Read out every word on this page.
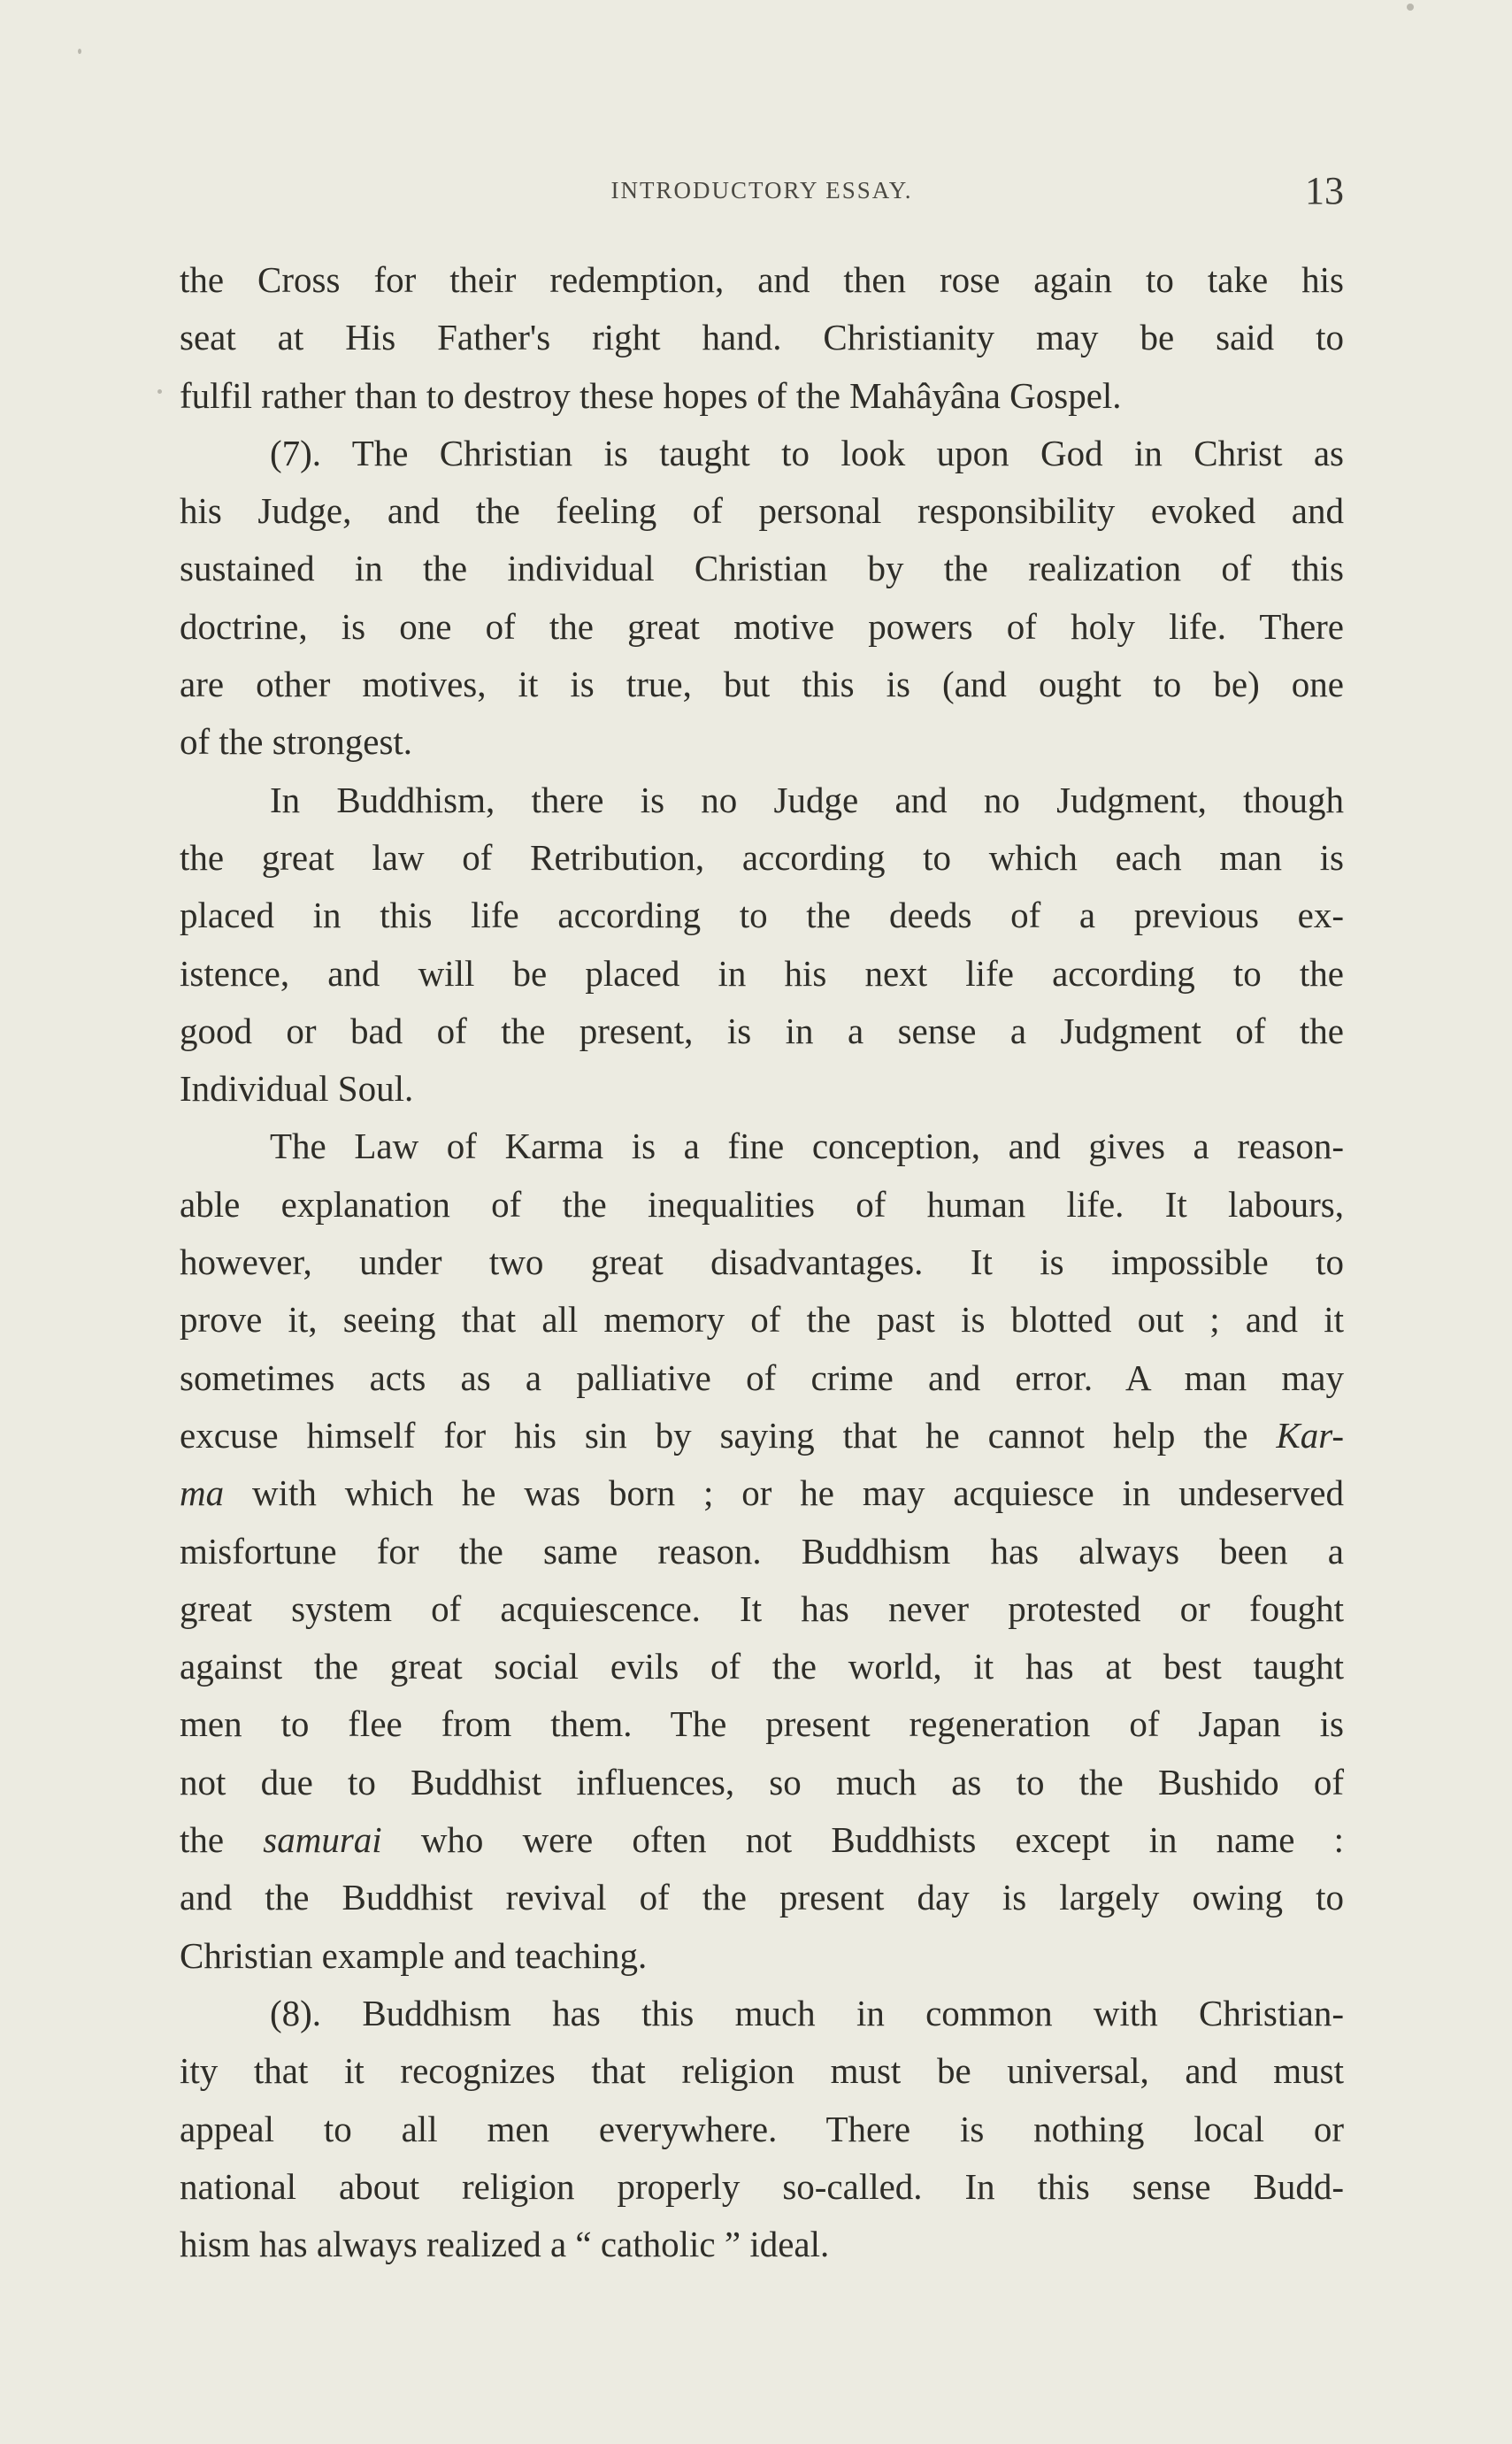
INTRODUCTORY ESSAY.	13
the Cross for their redemption, and then rose again to take his
seat at His Father's right hand. Christianity may be said to
fulfil rather than to destroy these hopes of the Mahâyâna Gospel.
(7). The Christian is taught to look upon God in Christ as
his Judge, and the feeling of personal responsibility evoked and
sustained in the individual Christian by the realization of this
doctrine, is one of the great motive powers of holy life. There
are other motives, it is true, but this is (and ought to be) one
of the strongest.
In Buddhism, there is no Judge and no Judgment, though
the great law of Retribution, according to which each man is
placed in this life according to the deeds of a previous ex-
istence, and will be placed in his next life according to the
good or bad of the present, is in a sense a Judgment of the
Individual Soul.
The Law of Karma is a fine conception, and gives a reason-
able explanation of the inequalities of human life. It labours,
however, under two great disadvantages. It is impossible to
prove it, seeing that all memory of the past is blotted out ; and it
sometimes acts as a palliative of crime and error. A man may
excuse himself for his sin by saying that he cannot help the Kar-
ma with which he was born ; or he may acquiesce in undeserved
misfortune for the same reason. Buddhism has always been a
great system of acquiescence. It has never protested or fought
against the great social evils of the world, it has at best taught
men to flee from them. The present regeneration of Japan is
not due to Buddhist influences, so much as to the Bushido of
the samurai who were often not Buddhists except in name :
and the Buddhist revival of the present day is largely owing to
Christian example and teaching.
(8). Buddhism has this much in common with Christian-
ity that it recognizes that religion must be universal, and must
appeal to all men everywhere. There is nothing local or
national about religion properly so-called. In this sense Budd-
hism has always realized a “ catholic ” ideal.
